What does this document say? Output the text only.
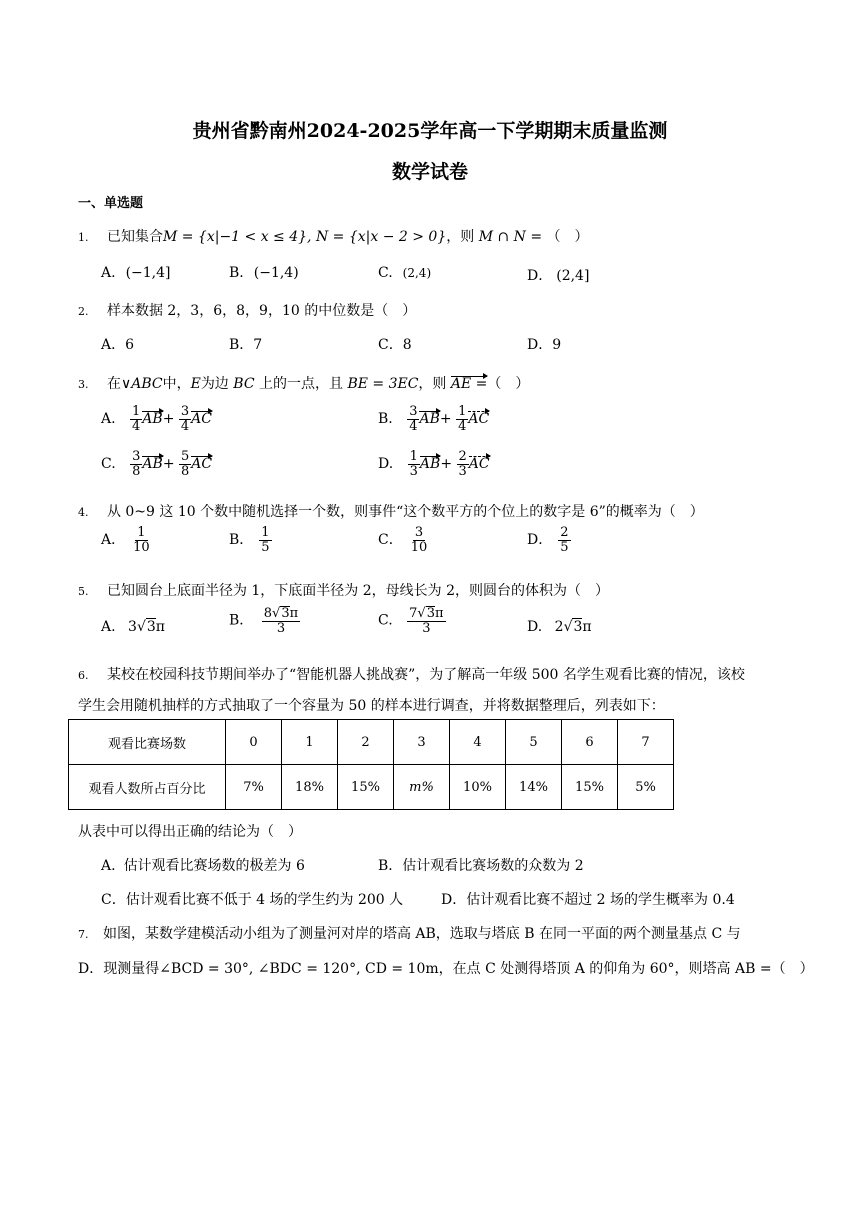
贵州省黔南州2024-2025学年高一下学期期末质量监测
数学试卷
一、单选题
1. 已知集合M = {x|−1 < x ≤ 4}, N = {x|x − 2 > 0}，则 M ∩ N = （　）
A. (−1,4]	B. (−1,4)	C. (2,4)	D． (2,4]
2. 样本数据 2，3，6，8，9，10 的中位数是（　）
A．6	B．7	C．8	D．9
3. 在∨ABC中，E为边 BC 上的一点，且 BE = 3EC，则 AE =（　）
A. $\frac{1}{4} AB+ \frac{3}{4}$ AC	B. $\frac{3}{4} AB+ \frac{1}{4}$ AC
C. $\frac{3}{8} AB+ \frac{5}{8}$ AC	D. $\frac{1}{3} AB+ \frac{2}{3}$ AC
4. 从 0~9 这 10 个数中随机选择一个数，则事件“这个数平方的个位上的数字是 6”的概率为（　）
A． $\frac{1}{10}$	B． $\frac{1}{5}$	C． $\frac{3}{10}$	D． $\frac{2}{5}$
5. 已知圆台上底面半径为 1，下底面半径为 2，母线长为 2，则圆台的体积为（　）
A. 3√3π	B． $\frac{8√3\pi}{3}$	C. $\frac{7√3\pi}{3}$	D. 2√3π
6. 某校在校园科技节期间举办了“智能机器人挑战赛”，为了解高一年级 500 名学生观看比赛的情况，该校
学生会用随机抽样的方式抽取了一个容量为 50 的样本进行调查，并将数据整理后，列表如下：
观看比赛场数	0	1	2	3	4	5	6	7
观看人数所占百分比	7%	18%	15%	m%	10%	14%	15%	5%
从表中可以得出正确的结论为（　）
A. 估计观看比赛场数的极差为 6	B．估计观看比赛场数的众数为 2
C．估计观看比赛不低于 4 场的学生约为 200 人	D．估计观看比赛不超过 2 场的学生概率为 0.4
7. 如图，某数学建模活动小组为了测量河对岸的塔高 AB，选取与塔底 B 在同一平面的两个测量基点 C 与
D．现测量得∠BCD = 30°, ∠BDC = 120°, CD = 10m，在点 C 处测得塔顶 A 的仰角为 60°，则塔高 AB =（　）
